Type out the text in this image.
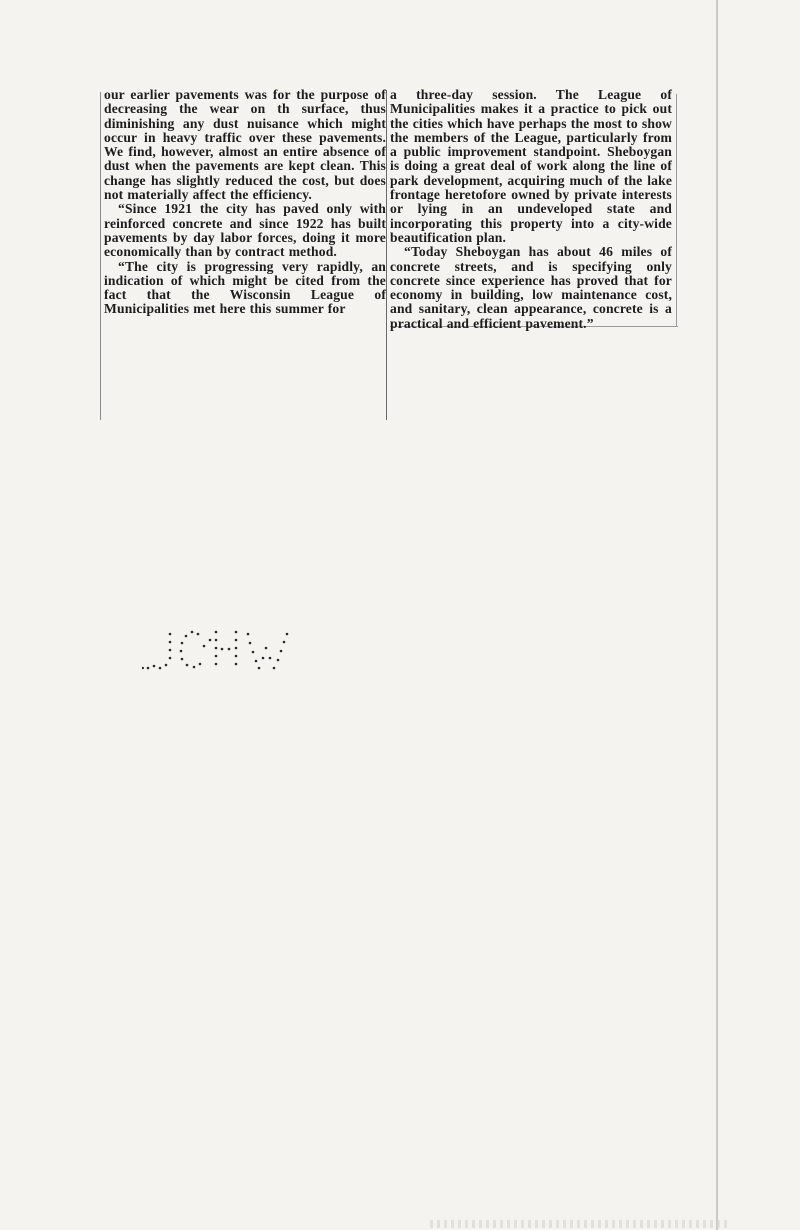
our earlier pavements was for the purpose of decreasing the wear on th surface, thus diminishing any dust nuisance which might occur in heavy traffic over these pavements. We find, however, almost an entire absence of dust when the pavements are kept clean. This change has slightly reduced the cost, but does not materially affect the efficiency.

“Since 1921 the city has paved only with reinforced concrete and since 1922 has built pavements by day labor forces, doing it more economically than by contract method.

“The city is progressing very rapidly, an indication of which might be cited from the fact that the Wisconsin League of Municipalities met here this summer for

a three-day session. The League of Municipalities makes it a practice to pick out the cities which have perhaps the most to show the members of the League, particularly from a public improvement standpoint. Sheboygan is doing a great deal of work along the line of park development, acquiring much of the lake frontage heretofore owned by private interests or lying in an undeveloped state and incorporating this property into a city-wide beautification plan.

“Today Sheboygan has about 46 miles of concrete streets, and is specifying only concrete since experience has proved that for economy in building, low maintenance cost, and sanitary, clean appearance, concrete is a practical and efficient pavement.”
